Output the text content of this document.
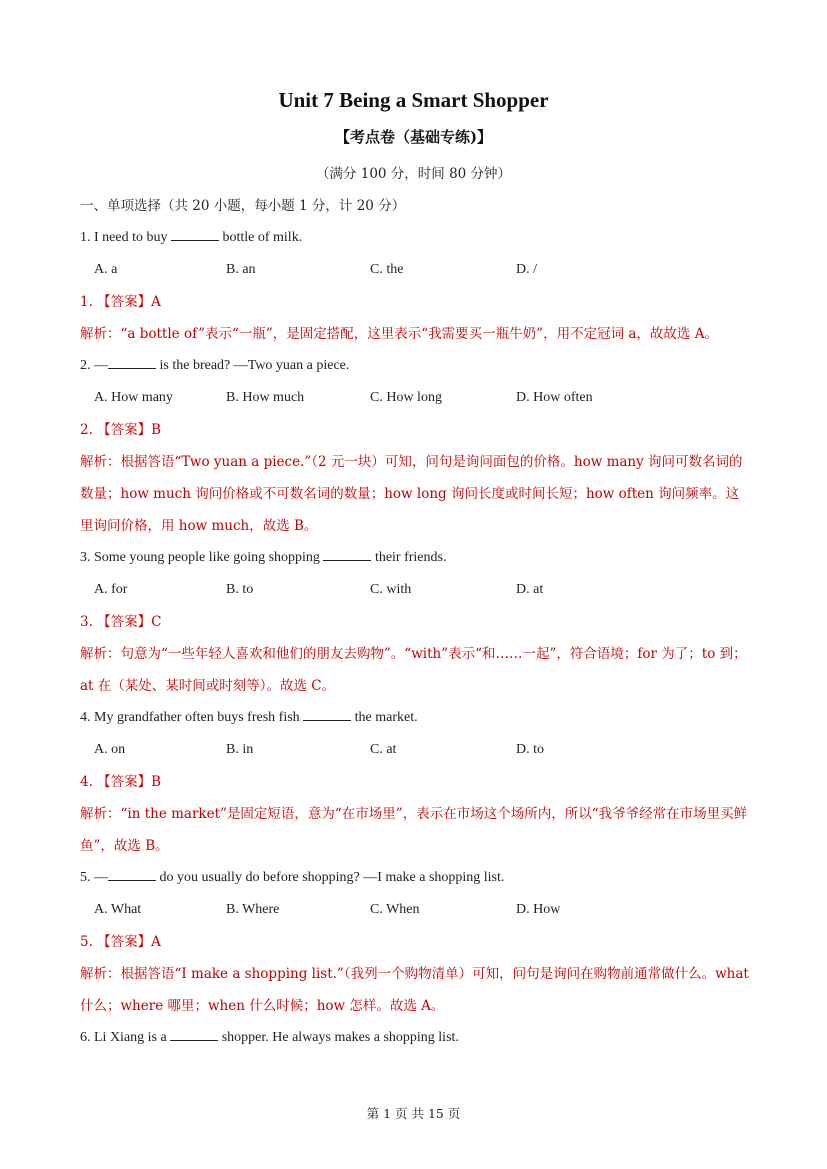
Unit 7 Being a Smart Shopper
【考点卷（基础专练)】
（满分 100 分，时间 80 分钟）
一、单项选择（共 20 小题，每小题 1 分，计 20 分）
1. I need to buy	bottle of milk.
A. a	B. an	C. the	D. /
1. 【答案】A
解析：“a bottle of”表示“一瓶”，是固定搭配，这里表示“我需要买一瓶牛奶”，用不定冠词 a，故故选 A。
2. —	is the bread? —Two yuan a piece.
A. How many	B. How much	C. How long	D. How often
2. 【答案】B
解析：根据答语“Two yuan a piece.”（2 元一块）可知，问句是询问面包的价格。how many 询问可数名词的数量；how much 询问价格或不可数名词的数量；how long 询问长度或时间长短；how often 询问频率。这里询问价格，用 how much，故选 B。
3. Some young people like going shopping	their friends.
A. for	B. to	C. with	D. at
3. 【答案】C
解析：句意为“一些年轻人喜欢和他们的朋友去购物”。“with”表示“和……一起”，符合语境；for 为了；to 到；at 在（某处、某时间或时刻等）。故选 C。
4. My grandfather often buys fresh fish	the market.
A. on	B. in	C. at	D. to
4. 【答案】B
解析：“in the market”是固定短语，意为“在市场里”，表示在市场这个场所内，所以“我爷爷经常在市场里买鲜鱼”，故选 B。
5. —	do you usually do before shopping? —I make a shopping list.
A. What	B. Where	C. When	D. How
5. 【答案】A
解析：根据答语“I make a shopping list.”（我列一个购物清单）可知，问句是询问在购物前通常做什么。what 什么；where 哪里；when 什么时候；how 怎样。故选 A。
6. Li Xiang is a	shopper. He always makes a shopping list.
第 1 页 共 15 页
